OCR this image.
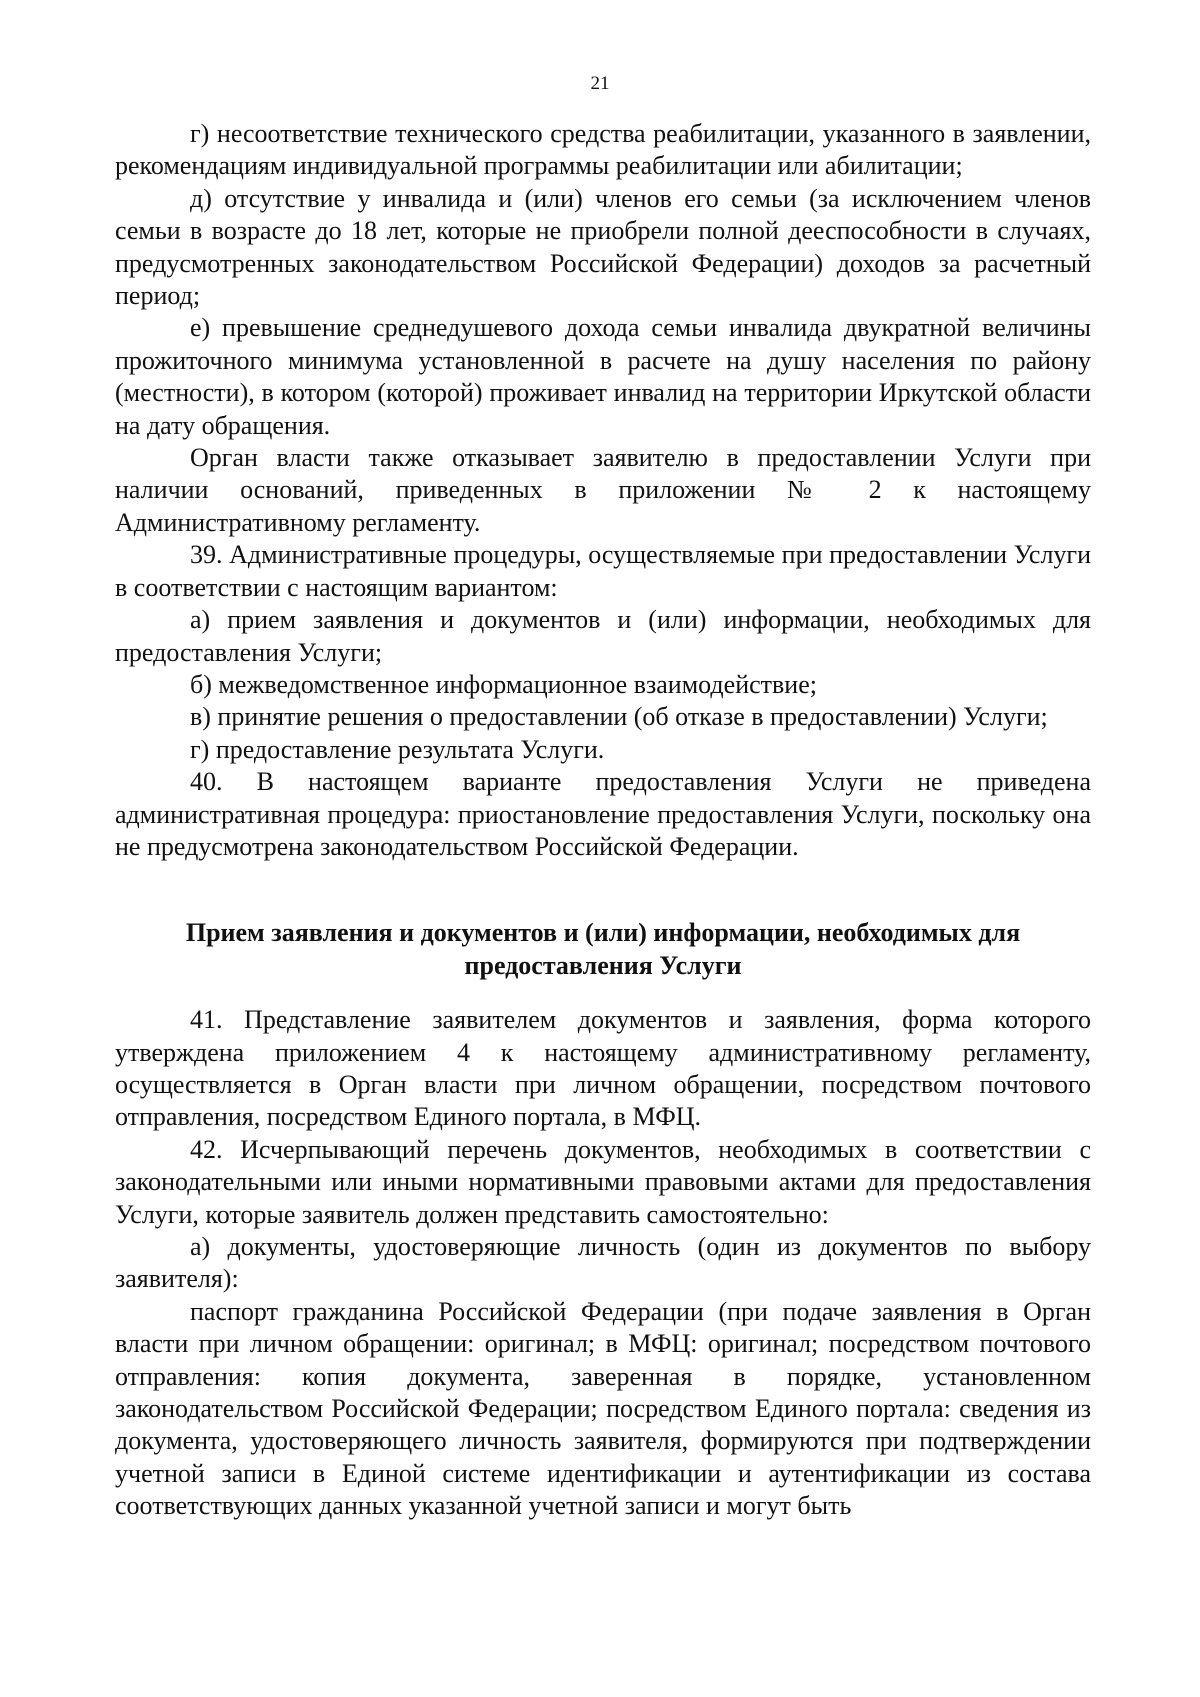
21

г) несоответствие технического средства реабилитации, указанного в заявлении, рекомендациям индивидуальной программы реабилитации или абилитации;

д) отсутствие у инвалида и (или) членов его семьи (за исключением членов семьи в возрасте до 18 лет, которые не приобрели полной дееспособности в случаях, предусмотренных законодательством Российской Федерации) доходов за расчетный период;

е) превышение среднедушевого дохода семьи инвалида двукратной величины прожиточного минимума установленной в расчете на душу населения по району (местности), в котором (которой) проживает инвалид на территории Иркутской области на дату обращения.

Орган власти также отказывает заявителю в предоставлении Услуги при наличии оснований, приведенных в приложении № 2 к настоящему Административному регламенту.

39. Административные процедуры, осуществляемые при предоставлении Услуги в соответствии с настоящим вариантом:

а) прием заявления и документов и (или) информации, необходимых для предоставления Услуги;

б) межведомственное информационное взаимодействие;

в) принятие решения о предоставлении (об отказе в предоставлении) Услуги;

г) предоставление результата Услуги.

40. В настоящем варианте предоставления Услуги не приведена административная процедура: приостановление предоставления Услуги, поскольку она не предусмотрена законодательством Российской Федерации.

Прием заявления и документов и (или) информации, необходимых для предоставления Услуги

41. Представление заявителем документов и заявления, форма которого утверждена приложением 4 к настоящему административному регламенту, осуществляется в Орган власти при личном обращении, посредством почтового отправления, посредством Единого портала, в МФЦ.

42. Исчерпывающий перечень документов, необходимых в соответствии с законодательными или иными нормативными правовыми актами для предоставления Услуги, которые заявитель должен представить самостоятельно:

а) документы, удостоверяющие личность (один из документов по выбору заявителя):

паспорт гражданина Российской Федерации (при подаче заявления в Орган власти при личном обращении: оригинал; в МФЦ: оригинал; посредством почтового отправления: копия документа, заверенная в порядке, установленном законодательством Российской Федерации; посредством Единого портала: сведения из документа, удостоверяющего личность заявителя, формируются при подтверждении учетной записи в Единой системе идентификации и аутентификации из состава соответствующих данных указанной учетной записи и могут быть
